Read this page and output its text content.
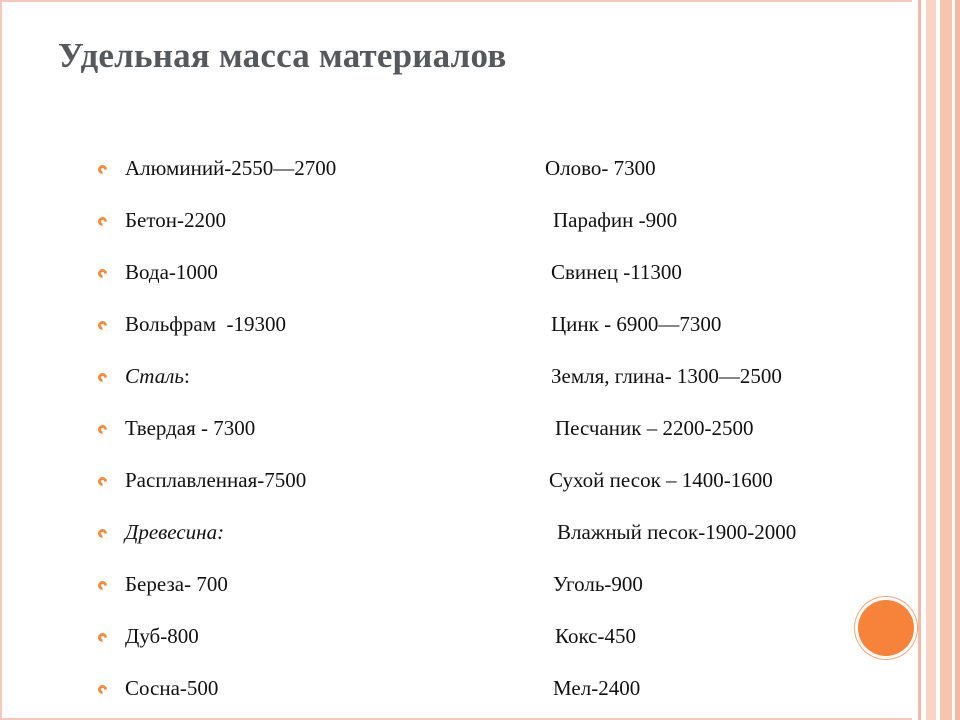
Удельная масса материалов
Алюминий-2550—2700	Олово- 7300
Бетон-2200	Парафин -900
Вода-1000	Свинец -11300
Вольфрам  -19300	Цинк - 6900—7300
Сталь:	Земля, глина- 1300—2500
Твердая - 7300	Песчаник – 2200-2500
Расплавленная-7500	Сухой песок – 1400-1600
Древесина:	Влажный песок-1900-2000
Береза- 700	Уголь-900
Дуб-800	Кокс-450
Сосна-500	Мел-2400
